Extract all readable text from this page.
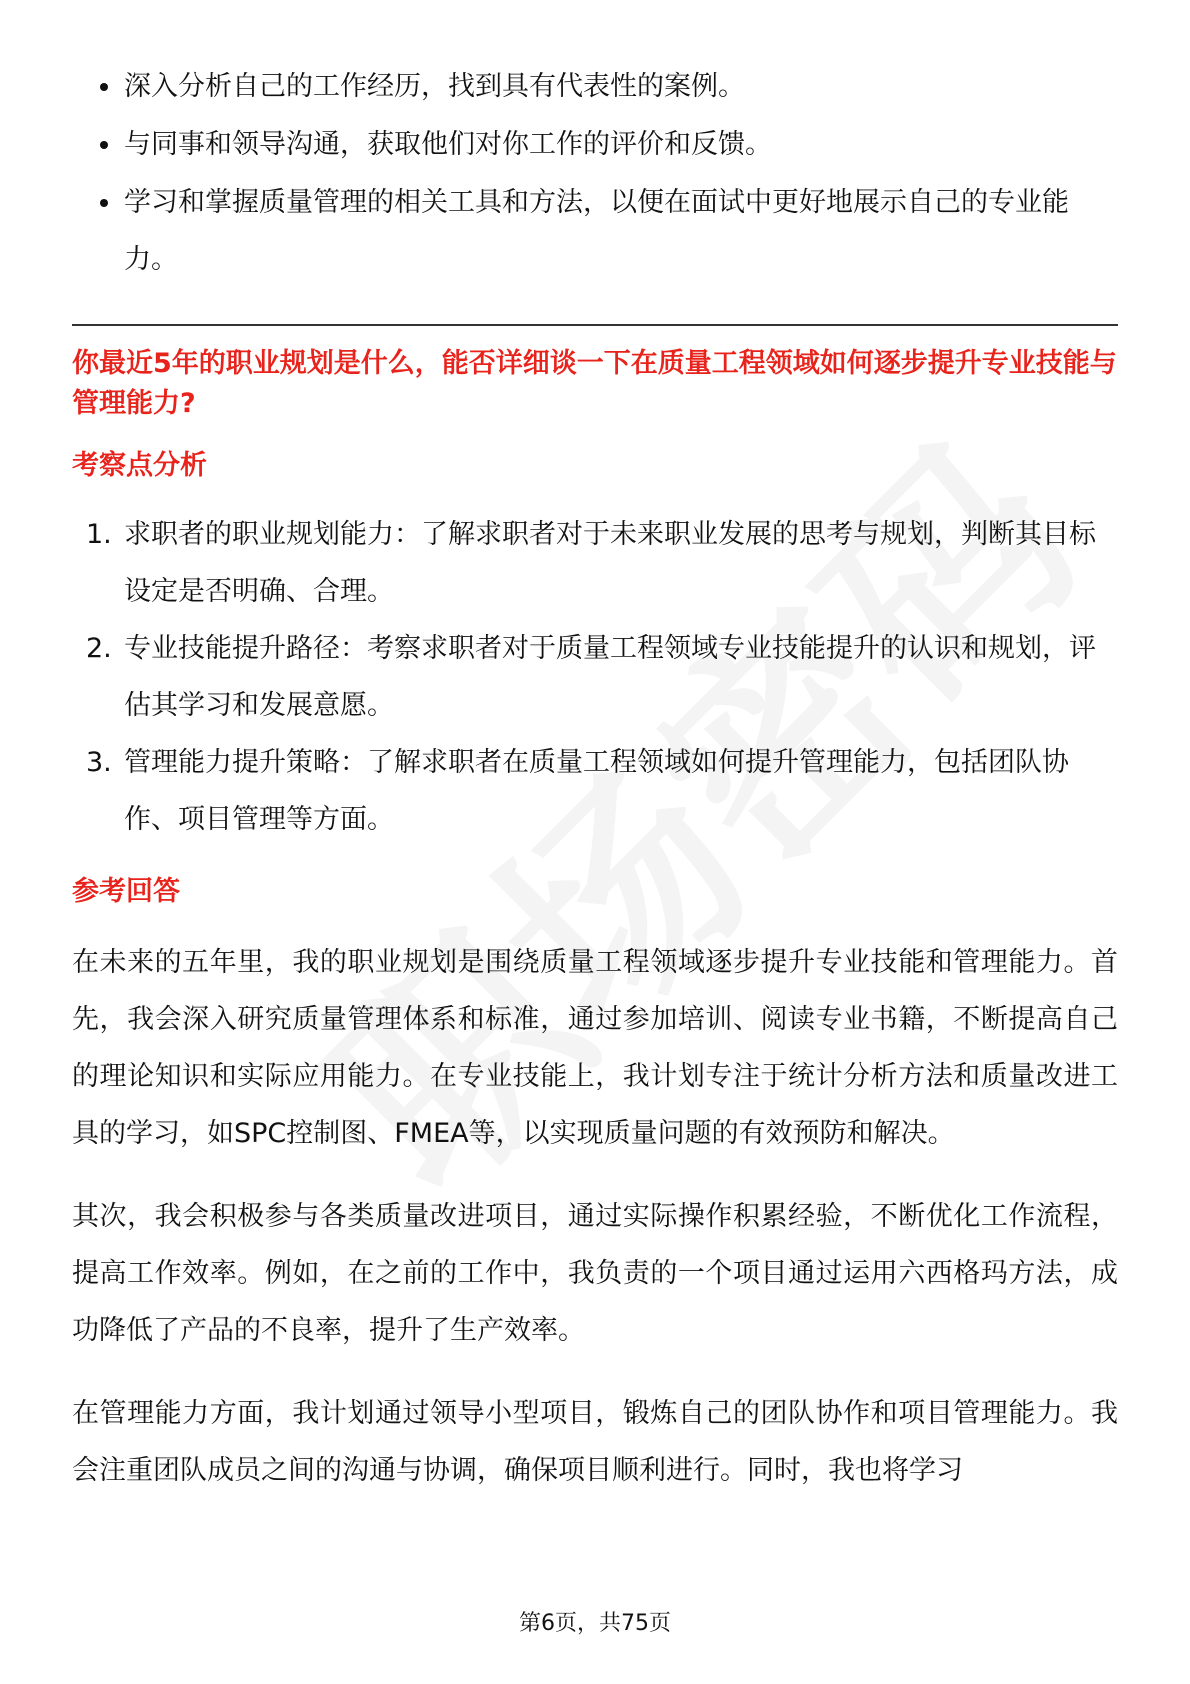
深入分析自己的工作经历，找到具有代表性的案例。
与同事和领导沟通，获取他们对你工作的评价和反馈。
学习和掌握质量管理的相关工具和方法，以便在面试中更好地展示自己的专业能力。

你最近5年的职业规划是什么，能否详细谈一下在质量工程领域如何逐步提升专业技能与管理能力?

考察点分析
1. 求职者的职业规划能力：了解求职者对于未来职业发展的思考与规划，判断其目标设定是否明确、合理。
2. 专业技能提升路径：考察求职者对于质量工程领域专业技能提升的认识和规划，评估其学习和发展意愿。
3. 管理能力提升策略：了解求职者在质量工程领域如何提升管理能力，包括团队协作、项目管理等方面。
参考回答

在未来的五年里，我的职业规划是围绕质量工程领域逐步提升专业技能和管理能力。首先，我会深入研究质量管理体系和标准，通过参加培训、阅读专业书籍，不断提高自己的理论知识和实际应用能力。在专业技能上，我计划专注于统计分析方法和质量改进工具的学习，如SPC控制图、FMEA等，以实现质量问题的有效预防和解决。

其次，我会积极参与各类质量改进项目，通过实际操作积累经验，不断优化工作流程，提高工作效率。例如，在之前的工作中，我负责的一个项目通过运用六西格玛方法，成功降低了产品的不良率，提升了生产效率。

在管理能力方面，我计划通过领导小型项目，锻炼自己的团队协作和项目管理能力。我会注重团队成员之间的沟通与协调，确保项目顺利进行。同时，我也将学习

第6页，共75页
